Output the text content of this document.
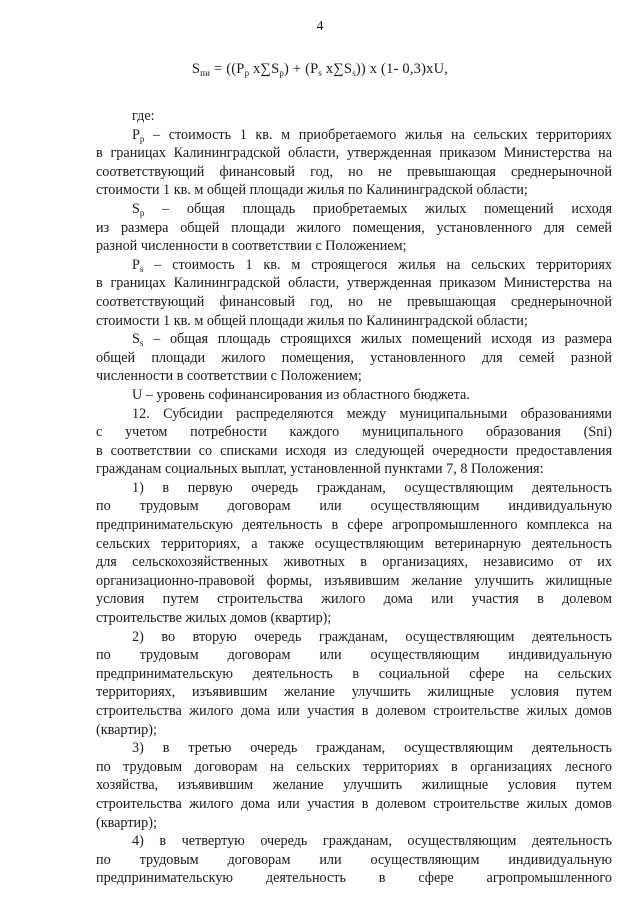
4
$S_{пи} = ((P_p$ $x\sum S_p) + (P_s$ $x\sum S_s$)) x (1- 0,3)xU,
где:
$P_p$ – стоимость 1 кв. м приобретаемого жилья на сельских территориях
в границах Калининградской области, утвержденная приказом Министерства на
соответствующий финансовый год, но не превышающая среднерыночной
стоимости 1 кв. м общей площади жилья по Калининградской области;
$S_p$ – общая площадь приобретаемых жилых помещений исходя
из размера общей площади жилого помещения, установленного для семей
разной численности в соответствии с Положением;
$P_s$ – стоимость 1 кв. м строящегося жилья на сельских территориях
в границах Калининградской области, утвержденная приказом Министерства на
соответствующий финансовый год, но не превышающая среднерыночной
стоимости 1 кв. м общей площади жилья по Калининградской области;
$S_s$ – общая площадь строящихся жилых помещений исходя из размера
общей площади жилого помещения, установленного для семей разной
численности в соответствии с Положением;
U – уровень софинансирования из областного бюджета.
12. Субсидии распределяются между муниципальными образованиями
с учетом потребности каждого муниципального образования (Sni)
в соответствии со списками исходя из следующей очередности предоставления
гражданам социальных выплат, установленной пунктами 7, 8 Положения:
1) в первую очередь гражданам, осуществляющим деятельность
по трудовым договорам или осуществляющим индивидуальную
предпринимательскую деятельность в сфере агропромышленного комплекса на
сельских территориях, а также осуществляющим ветеринарную деятельность
для сельскохозяйственных животных в организациях, независимо от их
организационно-правовой формы, изъявившим желание улучшить жилищные
условия путем строительства жилого дома или участия в долевом
строительстве жилых домов (квартир);
2) во вторую очередь гражданам, осуществляющим деятельность
по трудовым договорам или осуществляющим индивидуальную
предпринимательскую деятельность в социальной сфере на сельских
территориях, изъявившим желание улучшить жилищные условия путем
строительства жилого дома или участия в долевом строительстве жилых домов
(квартир);
3) в третью очередь гражданам, осуществляющим деятельность
по трудовым договорам на сельских территориях в организациях лесного
хозяйства, изъявившим желание улучшить жилищные условия путем
строительства жилого дома или участия в долевом строительстве жилых домов
(квартир);
4) в четвертую очередь гражданам, осуществляющим деятельность
по трудовым договорам или осуществляющим индивидуальную
предпринимательскую деятельность в сфере агропромышленного
